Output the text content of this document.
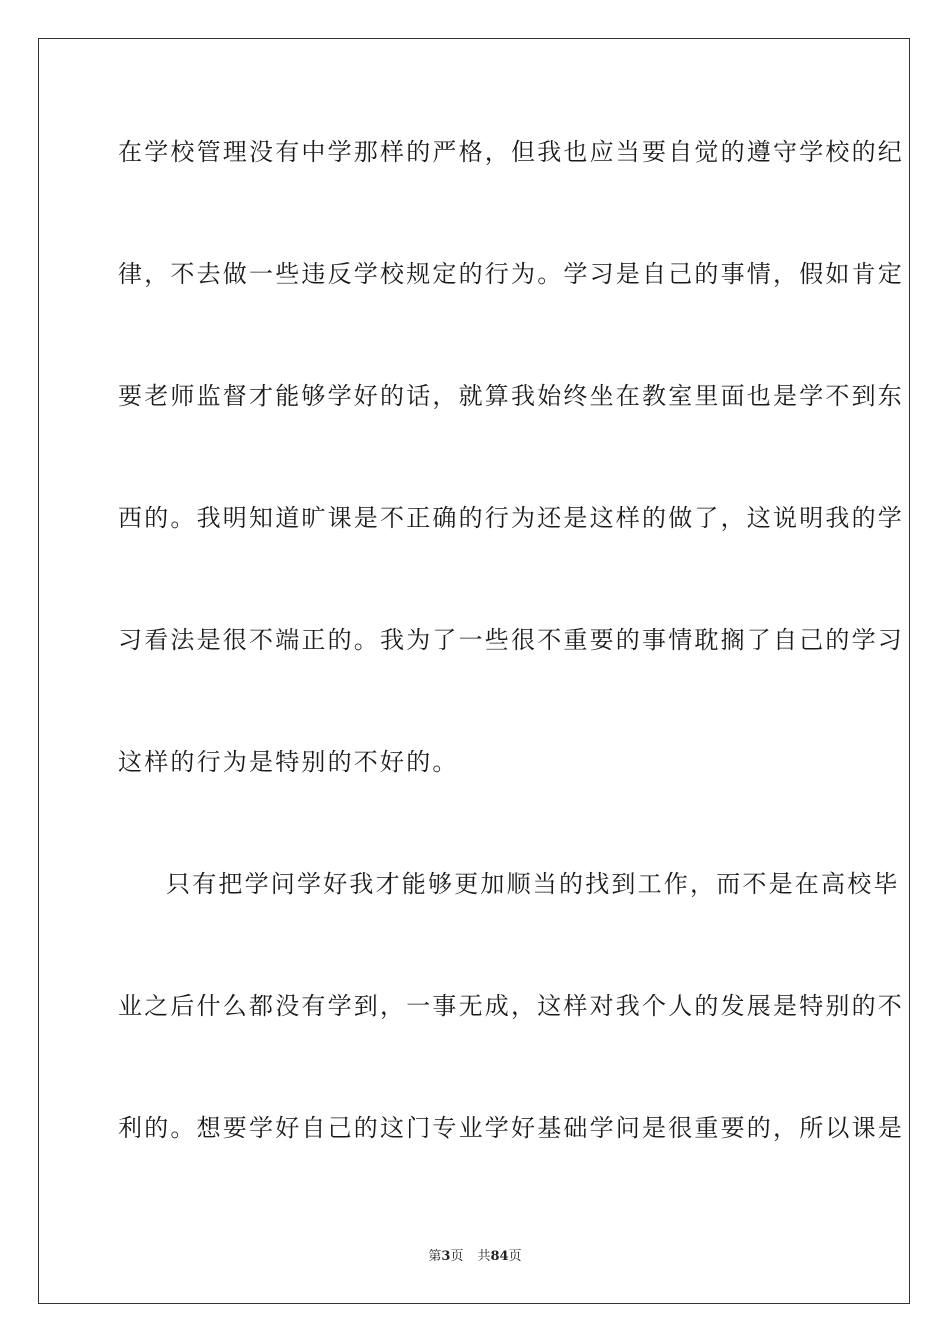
在学校管理没有中学那样的严格，但我也应当要自觉的遵守学校的纪
律，不去做一些违反学校规定的行为。学习是自己的事情，假如肯定
要老师监督才能够学好的话，就算我始终坐在教室里面也是学不到东
西的。我明知道旷课是不正确的行为还是这样的做了，这说明我的学
习看法是很不端正的。我为了一些很不重要的事情耽搁了自己的学习
这样的行为是特别的不好的。
只有把学问学好我才能够更加顺当的找到工作，而不是在高校毕
业之后什么都没有学到，一事无成，这样对我个人的发展是特别的不
利的。想要学好自己的这门专业学好基础学问是很重要的，所以课是
第3页 共84页
